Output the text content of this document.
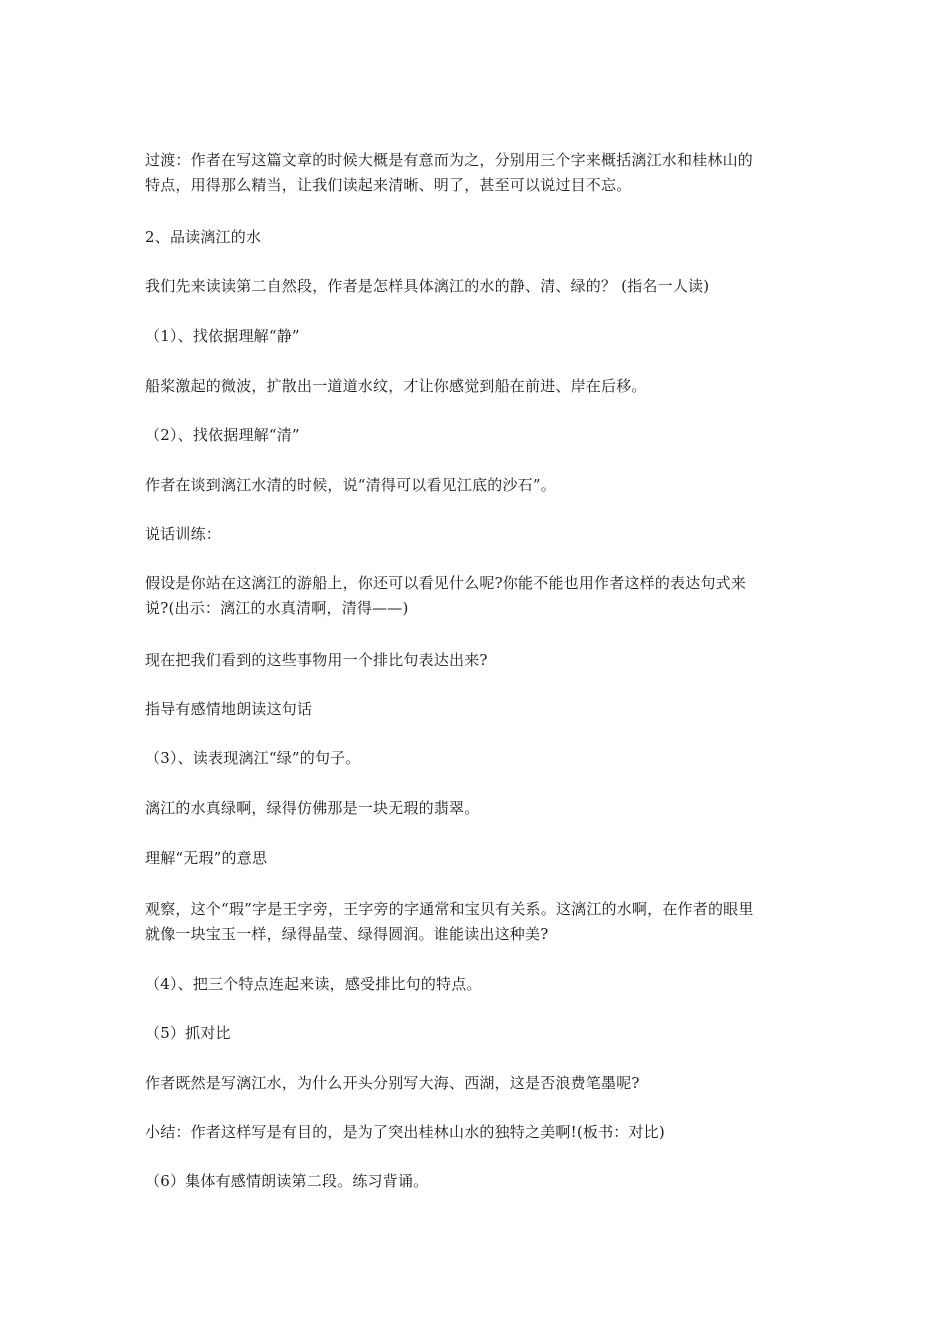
过渡：作者在写这篇文章的时候大概是有意而为之，分别用三个字来概括漓江水和桂林山的
特点，用得那么精当，让我们读起来清晰、明了，甚至可以说过目不忘。
2、品读漓江的水
我们先来读读第二自然段，作者是怎样具体漓江的水的静、清、绿的？ (指名一人读)
（1）、找依据理解“静”
船桨激起的微波，扩散出一道道水纹，才让你感觉到船在前进、岸在后移。
（2）、找依据理解“清”
作者在谈到漓江水清的时候，说“清得可以看见江底的沙石”。
说话训练：
假设是你站在这漓江的游船上，你还可以看见什么呢?你能不能也用作者这样的表达句式来
说?(出示：漓江的水真清啊，清得——)
现在把我们看到的这些事物用一个排比句表达出来?
指导有感情地朗读这句话
（3）、读表现漓江“绿”的句子。
漓江的水真绿啊，绿得仿佛那是一块无瑕的翡翠。
理解“无瑕”的意思
观察，这个“瑕”字是王字旁，王字旁的字通常和宝贝有关系。这漓江的水啊，在作者的眼里
就像一块宝玉一样，绿得晶莹、绿得圆润。谁能读出这种美?
（4）、把三个特点连起来读，感受排比句的特点。
（5）抓对比
作者既然是写漓江水，为什么开头分别写大海、西湖，这是否浪费笔墨呢?
小结：作者这样写是有目的，是为了突出桂林山水的独特之美啊!(板书：对比)
（6）集体有感情朗读第二段。练习背诵。
